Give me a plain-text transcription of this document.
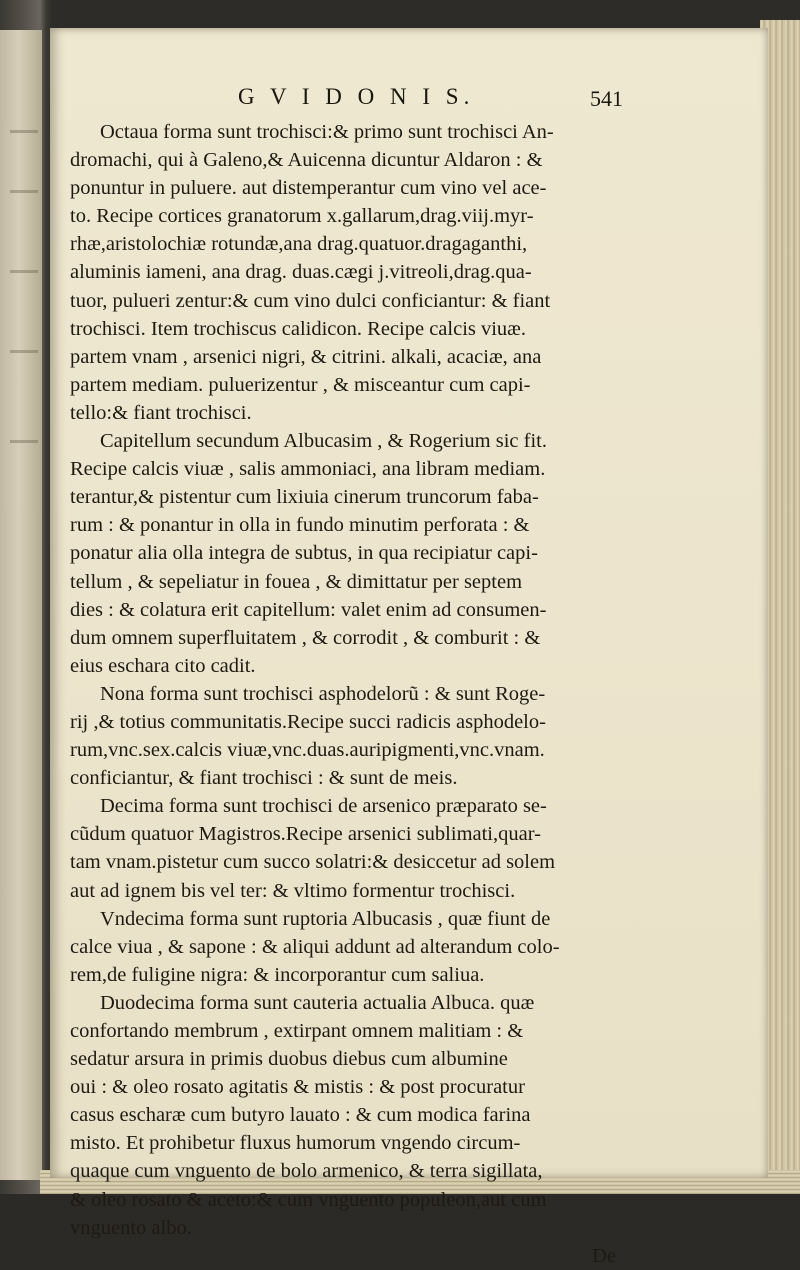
G V I D O N I S.	541
Octaua forma sunt trochisci:& primo sunt trochisci An-
dromachi, qui à Galeno,& Auicenna dicuntur Aldaron : &
ponuntur in puluere. aut distemperantur cum vino vel ace-
to. Recipe cortices granatorum x.gallarum,drag.viij.myr-
rhæ,aristolochiæ rotundæ,ana drag.quatuor.dragaganthi,
aluminis iameni, ana drag. duas.cægi j.vitreoli,drag.qua-
tuor, pulueri zentur:& cum vino dulci conficiantur: & fiant
trochisci. Item trochiscus calidicon. Recipe calcis viuæ.
partem vnam , arsenici nigri, & citrini. alkali, acaciæ, ana
partem mediam. puluerizentur , & misceantur cum capi-
tello:& fiant trochisci.
Capitellum secundum Albucasim , & Rogerium sic fit.
Recipe calcis viuæ , salis ammoniaci, ana libram mediam.
terantur,& pistentur cum lixiuia cinerum truncorum faba-
rum : & ponantur in olla in fundo minutim perforata : &
ponatur alia olla integra de subtus, in qua recipiatur capi-
tellum , & sepeliatur in fouea , & dimittatur per septem
dies : & colatura erit capitellum: valet enim ad consumen-
dum omnem superfluitatem , & corrodit , & comburit : &
eius eschara cito cadit.
Nona forma sunt trochisci asphodelorũ : & sunt Roge-
rij ,& totius communitatis.Recipe succi radicis asphodelo-
rum,vnc.sex.calcis viuæ,vnc.duas.auripigmenti,vnc.vnam.
conficiantur, & fiant trochisci : & sunt de meis.
Decima forma sunt trochisci de arsenico præparato se-
cũdum quatuor Magistros.Recipe arsenici sublimati,quar-
tam vnam.pistetur cum succo solatri:& desiccetur ad solem
aut ad ignem bis vel ter: & vltimo formentur trochisci.
Vndecima forma sunt ruptoria Albucasis , quæ fiunt de
calce viua , & sapone : & aliqui addunt ad alterandum colo-
rem,de fuligine nigra: & incorporantur cum saliua.
Duodecima forma sunt cauteria actualia Albuca. quæ
confortando membrum , extirpant omnem malitiam : &
sedatur arsura in primis duobus diebus cum albumine
oui : & oleo rosato agitatis & mistis : & post procuratur
casus escharæ cum butyro lauato : & cum modica farina
misto. Et prohibetur fluxus humorum vngendo circum-
quaque cum vnguento de bolo armenico, & terra sigillata,
& oleo rosato & aceto:& cum vnguento populeon,aut cum
vnguento albo.
De
